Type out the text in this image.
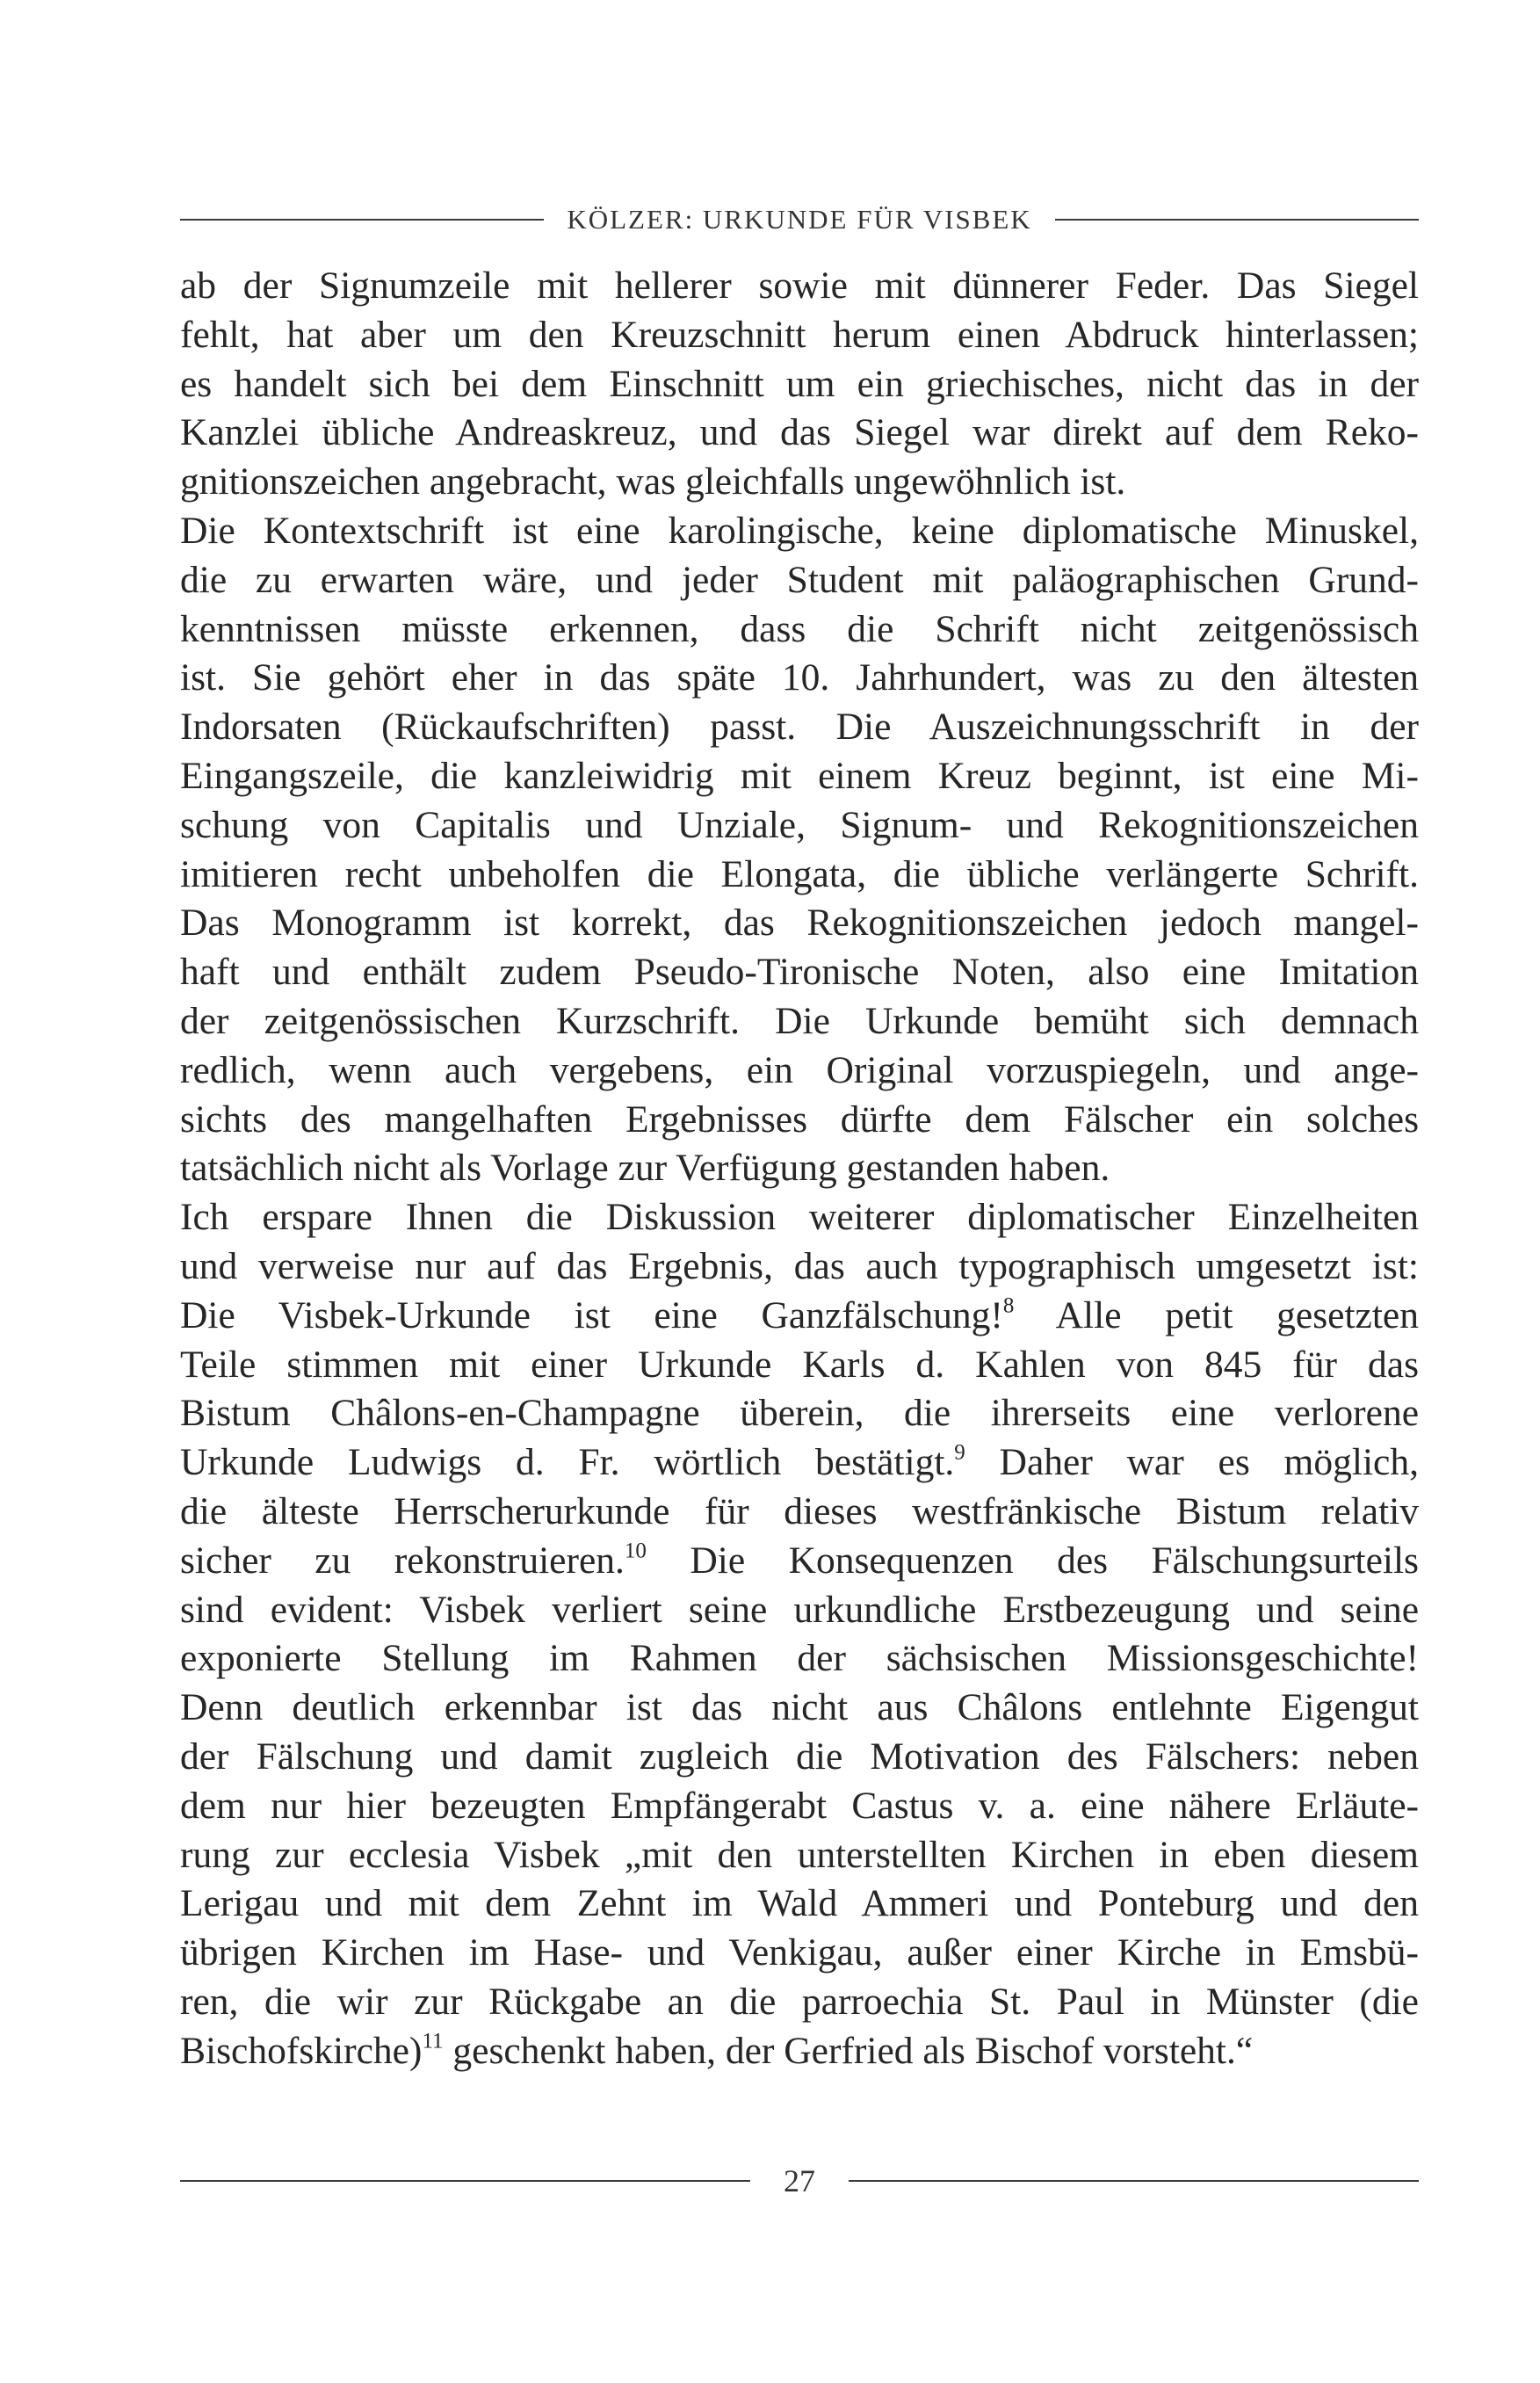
KÖLZER: URKUNDE FÜR VISBEK

ab der Signumzeile mit hellerer sowie mit dünnerer Feder. Das Siegel
fehlt, hat aber um den Kreuzschnitt herum einen Abdruck hinterlassen;
es handelt sich bei dem Einschnitt um ein griechisches, nicht das in der
Kanzlei übliche Andreaskreuz, und das Siegel war direkt auf dem Reko-
gnitionszeichen angebracht, was gleichfalls ungewöhnlich ist.

Die Kontextschrift ist eine karolingische, keine diplomatische Minuskel,
die zu erwarten wäre, und jeder Student mit paläographischen Grund-
kenntnissen müsste erkennen, dass die Schrift nicht zeitgenössisch
ist. Sie gehört eher in das späte 10. Jahrhundert, was zu den ältesten
Indorsaten (Rückaufschriften) passt. Die Auszeichnungsschrift in der
Eingangszeile, die kanzleiwidrig mit einem Kreuz beginnt, ist eine Mi-
schung von Capitalis und Unziale, Signum- und Rekognitionszeichen
imitieren recht unbeholfen die Elongata, die übliche verlängerte Schrift.
Das Monogramm ist korrekt, das Rekognitionszeichen jedoch mangel-
haft und enthält zudem Pseudo-Tironische Noten, also eine Imitation
der zeitgenössischen Kurzschrift. Die Urkunde bemüht sich demnach
redlich, wenn auch vergebens, ein Original vorzuspiegeln, und ange-
sichts des mangelhaften Ergebnisses dürfte dem Fälscher ein solches
tatsächlich nicht als Vorlage zur Verfügung gestanden haben.

Ich erspare Ihnen die Diskussion weiterer diplomatischer Einzelheiten
und verweise nur auf das Ergebnis, das auch typographisch umgesetzt ist:
Die Visbek-Urkunde ist eine Ganzfälschung!$^8$ Alle petit gesetzten
Teile stimmen mit einer Urkunde Karls d. Kahlen von 845 für das
Bistum Châlons-en-Champagne überein, die ihrerseits eine verlorene
Urkunde Ludwigs d. Fr. wörtlich bestätigt.$^9$ Daher war es möglich,
die älteste Herrscherurkunde für dieses westfränkische Bistum relativ
sicher zu rekonstruieren.$^{10}$ Die Konsequenzen des Fälschungsurteils
sind evident: Visbek verliert seine urkundliche Erstbezeugung und seine
exponierte Stellung im Rahmen der sächsischen Missionsgeschichte!
Denn deutlich erkennbar ist das nicht aus Châlons entlehnte Eigengut
der Fälschung und damit zugleich die Motivation des Fälschers: neben
dem nur hier bezeugten Empfängerabt Castus v. a. eine nähere Erläute-
rung zur ecclesia Visbek „mit den unterstellten Kirchen in eben diesem
Lerigau und mit dem Zehnt im Wald Ammeri und Ponteburg und den
übrigen Kirchen im Hase- und Venkigau, außer einer Kirche in Emsbü-
ren, die wir zur Rückgabe an die parroechia St. Paul in Münster (die
Bischofskirche)$^{11}$ geschenkt haben, der Gerfried als Bischof vorsteht.“

27
